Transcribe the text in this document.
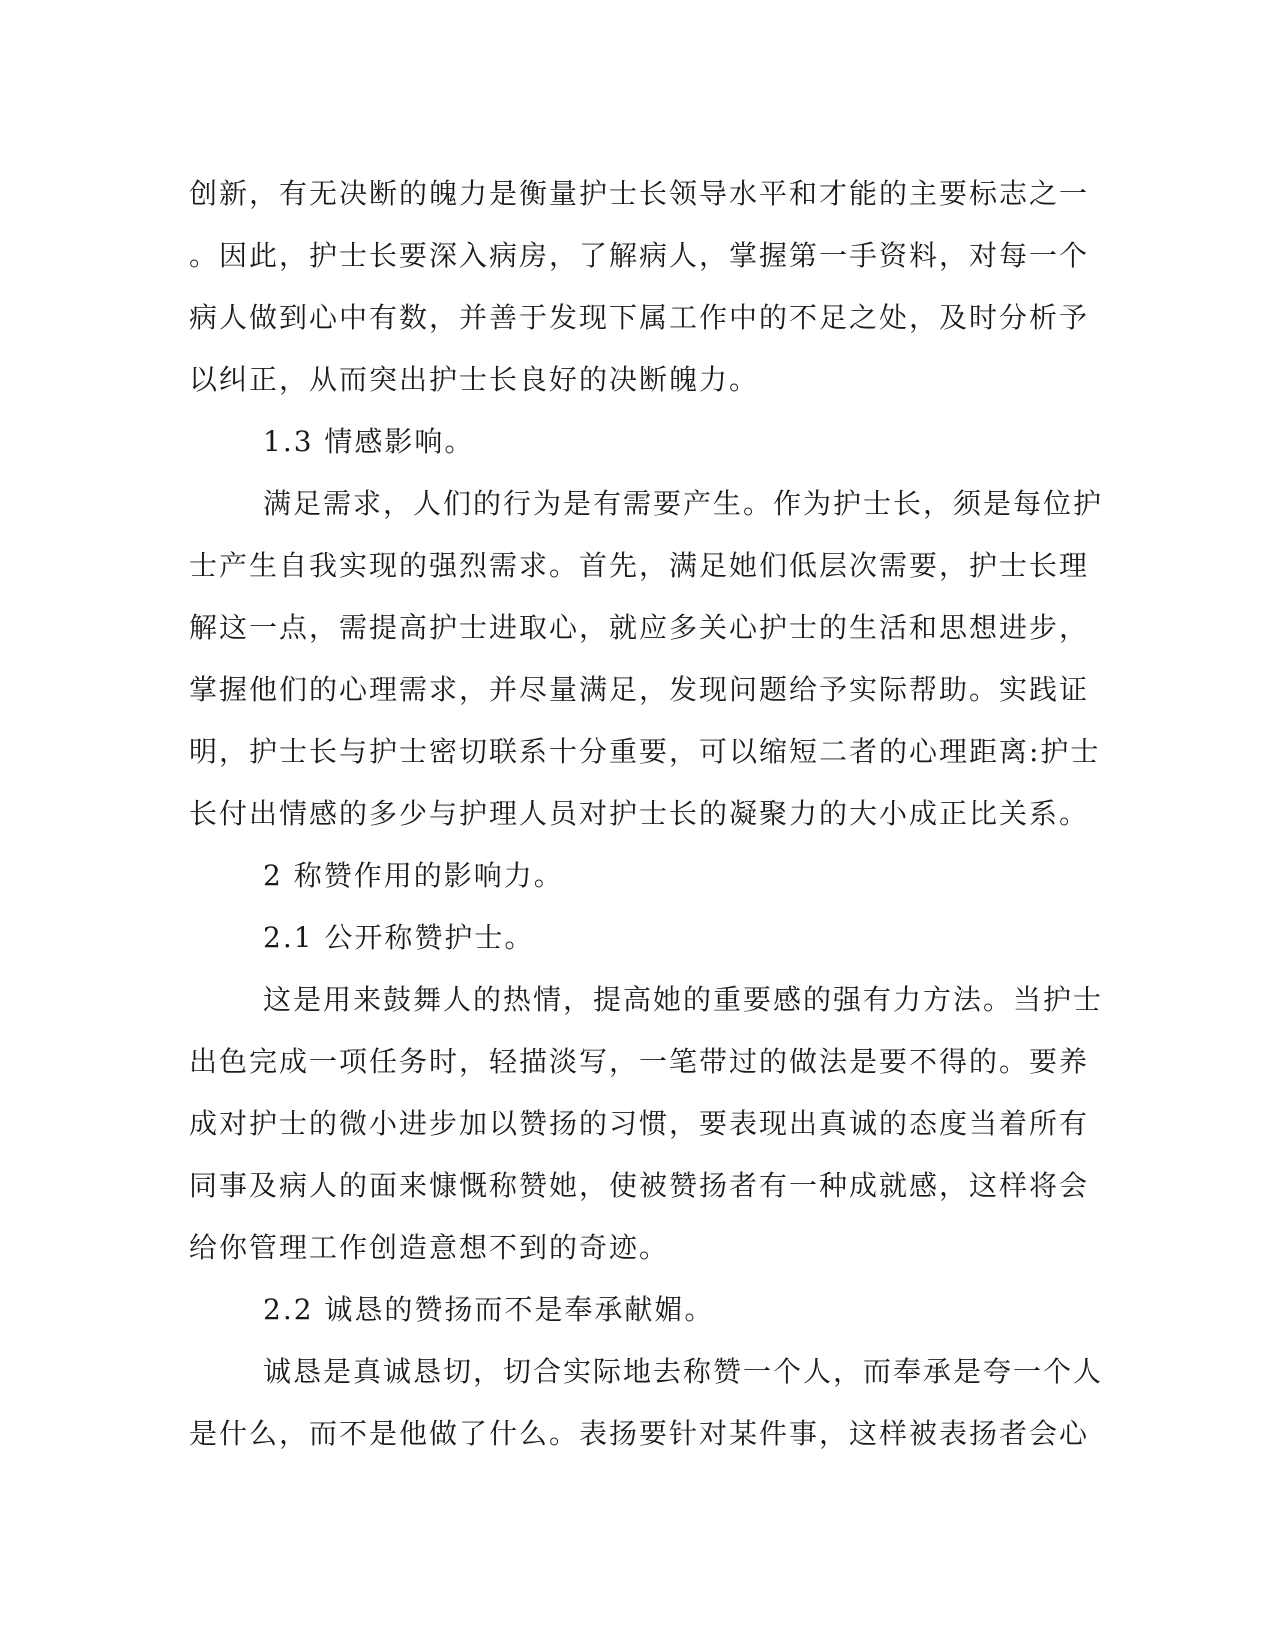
创新，有无决断的魄力是衡量护士长领导水平和才能的主要标志之一
。因此，护士长要深入病房，了解病人，掌握第一手资料，对每一个
病人做到心中有数，并善于发现下属工作中的不足之处，及时分析予
以纠正，从而突出护士长良好的决断魄力。
1.3 情感影响。
满足需求，人们的行为是有需要产生。作为护士长，须是每位护
士产生自我实现的强烈需求。首先，满足她们低层次需要，护士长理
解这一点，需提高护士进取心，就应多关心护士的生活和思想进步，
掌握他们的心理需求，并尽量满足，发现问题给予实际帮助。实践证
明，护士长与护士密切联系十分重要，可以缩短二者的心理距离:护士
长付出情感的多少与护理人员对护士长的凝聚力的大小成正比关系。
2 称赞作用的影响力。
2.1 公开称赞护士。
这是用来鼓舞人的热情，提高她的重要感的强有力方法。当护士
出色完成一项任务时，轻描淡写，一笔带过的做法是要不得的。要养
成对护士的微小进步加以赞扬的习惯，要表现出真诚的态度当着所有
同事及病人的面来慷慨称赞她，使被赞扬者有一种成就感，这样将会
给你管理工作创造意想不到的奇迹。
2.2 诚恳的赞扬而不是奉承献媚。
诚恳是真诚恳切，切合实际地去称赞一个人，而奉承是夸一个人
是什么，而不是他做了什么。表扬要针对某件事，这样被表扬者会心
